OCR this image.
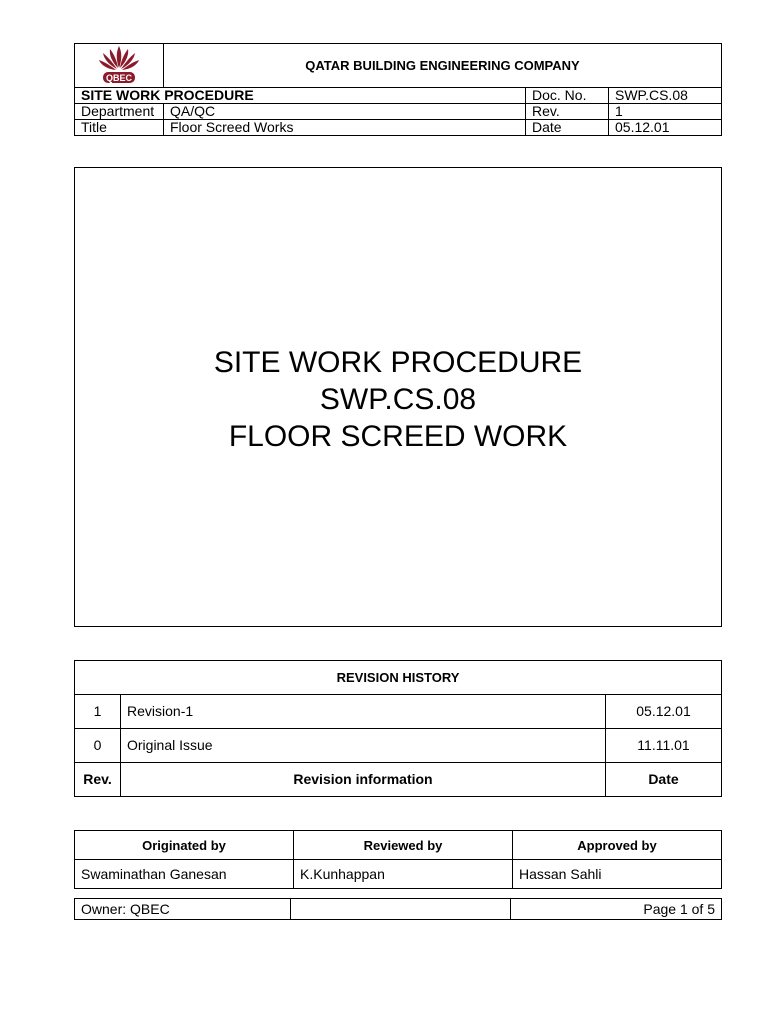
QBEC	QATAR BUILDING ENGINEERING COMPANY		
SITE WORK PROCEDURE		Doc. No.	SWP.CS.08
Department	QA/QC	Rev.	1
Title	Floor Screed Works	Date	05.12.01
SITE WORK PROCEDURE
SWP.CS.08
FLOOR SCREED WORK
REVISION HISTORY		
1	Revision-1	05.12.01
0	Original Issue	11.11.01
Rev.	Revision information	Date
Originated by	Reviewed by	Approved by
Swaminathan Ganesan	K.Kunhappan	Hassan Sahli
Owner: QBEC		Page 1 of 5
